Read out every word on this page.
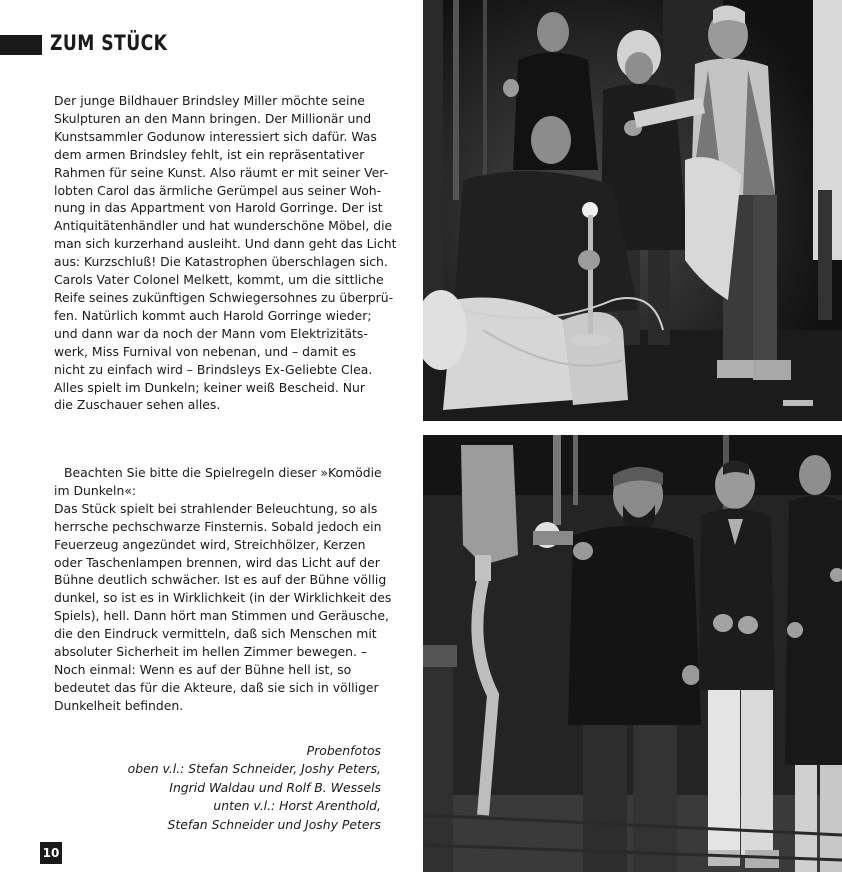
ZUM STÜCK
Der junge Bildhauer Brindsley Miller möchte seine
Skulpturen an den Mann bringen. Der Millionär und
Kunstsammler Godunow interessiert sich dafür. Was
dem armen Brindsley fehlt, ist ein repräsentativer
Rahmen für seine Kunst. Also räumt er mit seiner Ver-
lobten Carol das ärmliche Gerümpel aus seiner Woh-
nung in das Appartment von Harold Gorringe. Der ist
Antiquitätenhändler und hat wunderschöne Möbel, die
man sich kurzerhand ausleiht. Und dann geht das Licht
aus: Kurzschluß! Die Katastrophen überschlagen sich.
Carols Vater Colonel Melkett, kommt, um die sittliche
Reife seines zukünftigen Schwiegersohnes zu überprü-
fen. Natürlich kommt auch Harold Gorringe wieder;
und dann war da noch der Mann vom Elektrizitäts-
werk, Miss Furnival von nebenan, und – damit es
nicht zu einfach wird – Brindsleys Ex-Geliebte Clea.
Alles spielt im Dunkeln; keiner weiß Bescheid. Nur
die Zuschauer sehen alles.
Beachten Sie bitte die Spielregeln dieser »Komödie
im Dunkeln«:
Das Stück spielt bei strahlender Beleuchtung, so als
herrsche pechschwarze Finsternis. Sobald jedoch ein
Feuerzeug angezündet wird, Streichhölzer, Kerzen
oder Taschenlampen brennen, wird das Licht auf der
Bühne deutlich schwächer. Ist es auf der Bühne völlig
dunkel, so ist es in Wirklichkeit (in der Wirklichkeit des
Spiels), hell. Dann hört man Stimmen und Geräusche,
die den Eindruck vermitteln, daß sich Menschen mit
absoluter Sicherheit im hellen Zimmer bewegen. –
Noch einmal: Wenn es auf der Bühne hell ist, so
bedeutet das für die Akteure, daß sie sich in völliger
Dunkelheit befinden.
Probenfotos
oben v.l.: Stefan Schneider, Joshy Peters,
Ingrid Waldau und Rolf B. Wessels
unten v.l.: Horst Arenthold,
Stefan Schneider und Joshy Peters
10
